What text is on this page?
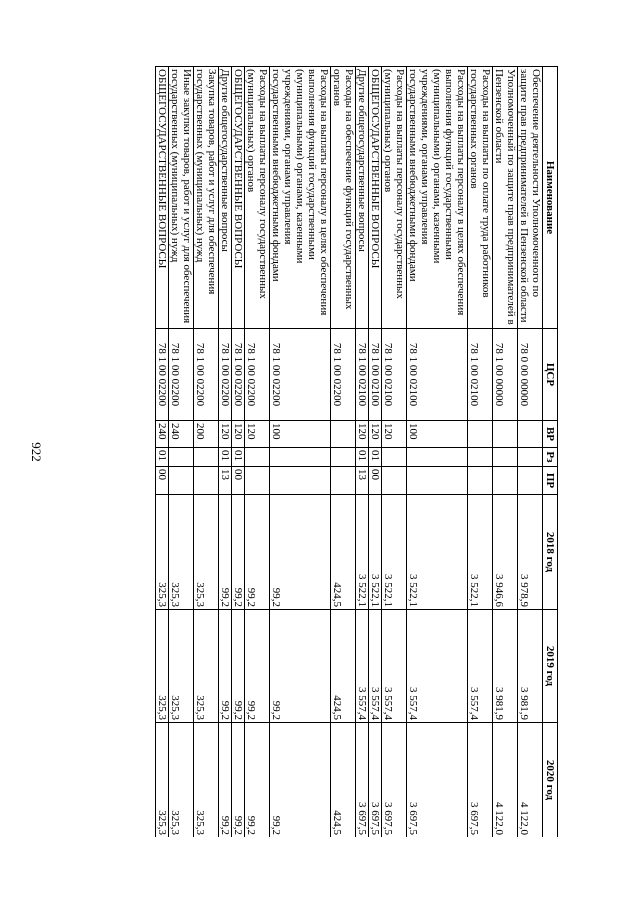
922
Наименование	ЦСР	ВР	Рз	ПР	2018 год	2019 год	2020 год
Обеспечение деятельности Уполномоченного по защите прав предпринимателей в Пензенской области	78 0 00 00000				3 978,9	3 981,9	4 122,0
Уполномоченный по защите прав предпринимателей в Пензенской области	78 1 00 00000				3 946,6	3 981,9	4 122,0
Расходы на выплаты по оплате труда работников государственных органов	78 1 00 02100				3 522,1	3 557,4	3 697,5
Расходы на выплаты персоналу в целях обеспечения выполнения функций государственными (муниципальными) органами, казенными учреждениями, органами управления государственными внебюджетными фондами	78 1 00 02100	100			3 522,1	3 557,4	3 697,5
Расходы на выплаты персоналу государственных (муниципальных) органов	78 1 00 02100	120			3 522,1	3 557,4	3 697,5
ОБЩЕГОСУДАРСТВЕННЫЕ ВОПРОСЫ	78 1 00 02100	120	01	00	3 522,1	3 557,4	3 697,5
Другие общегосударственные вопросы	78 1 00 02100	120	01	13	3 522,1	3 557,4	3 697,5
Расходы на обеспечение функций государственных органов	78 1 00 02200				424,5	424,5	424,5
Расходы на выплаты персоналу в целях обеспечения выполнения функций государственными (муниципальными) органами, казенными учреждениями, органами управления государственными внебюджетными фондами	78 1 00 02200	100			99,2	99,2	99,2
Расходы на выплаты персоналу государственных (муниципальных) органов	78 1 00 02200	120			99,2	99,2	99,2
ОБЩЕГОСУДАРСТВЕННЫЕ ВОПРОСЫ	78 1 00 02200	120	01	00	99,2	99,2	99,2
Другие общегосударственные вопросы	78 1 00 02200	120	01	13	99,2	99,2	99,2
Закупка товаров, работ и услуг для обеспечения государственных (муниципальных) нужд	78 1 00 02200	200			325,3	325,3	325,3
Иные закупки товаров, работ и услуг для обеспечения государственных (муниципальных) нужд	78 1 00 02200	240			325,3	325,3	325,3
ОБЩЕГОСУДАРСТВЕННЫЕ ВОПРОСЫ	78 1 00 02200	240	01	00	325,3	325,3	325,3
